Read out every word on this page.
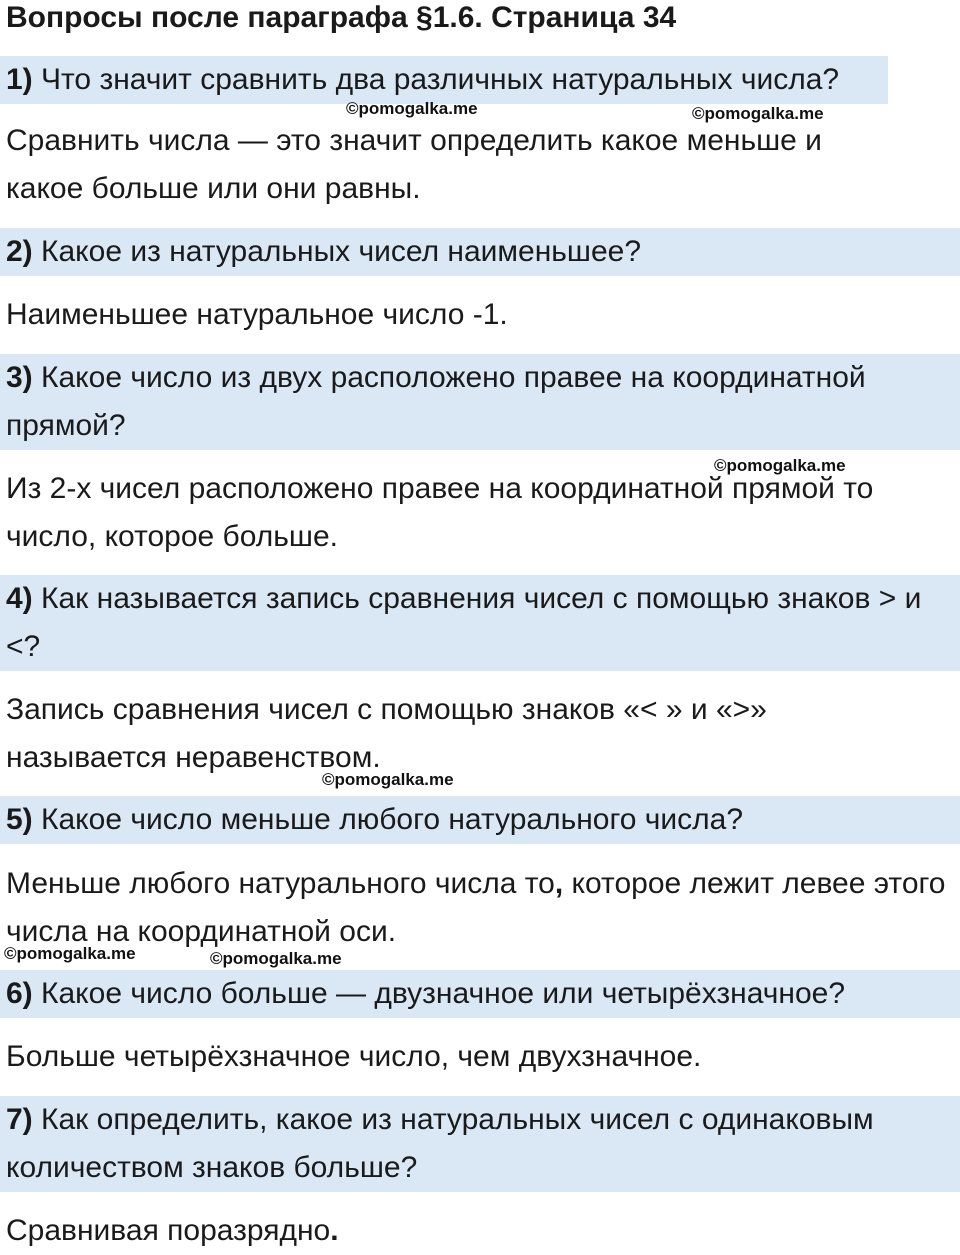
Вопросы после параграфа §1.6. Страница 34
1) Что значит сравнить два различных натуральных числа?
©pomogalka.me	©pomogalka.me
Сравнить числа — это значит определить какое меньше и какое больше или они равны.
2) Какое из натуральных чисел наименьшее?
Наименьшее натуральное число -1.
3) Какое число из двух расположено правее на координатной прямой?
©pomogalka.me
Из 2-х чисел расположено правее на координатной прямой то число, которое больше.
4) Как называется запись сравнения чисел с помощью знаков > и <?
Запись сравнения чисел с помощью знаков «< » и «>» называется неравенством.
©pomogalka.me
5) Какое число меньше любого натурального числа?
Меньше любого натурального числа то, которое лежит левее этого числа на координатной оси.
©pomogalka.me	©pomogalka.me
6) Какое число больше — двузначное или четырёхзначное?
Больше четырёхзначное число, чем двухзначное.
7) Как определить, какое из натуральных чисел с одинаковым количеством знаков больше?
Сравнивая поразрядно.
